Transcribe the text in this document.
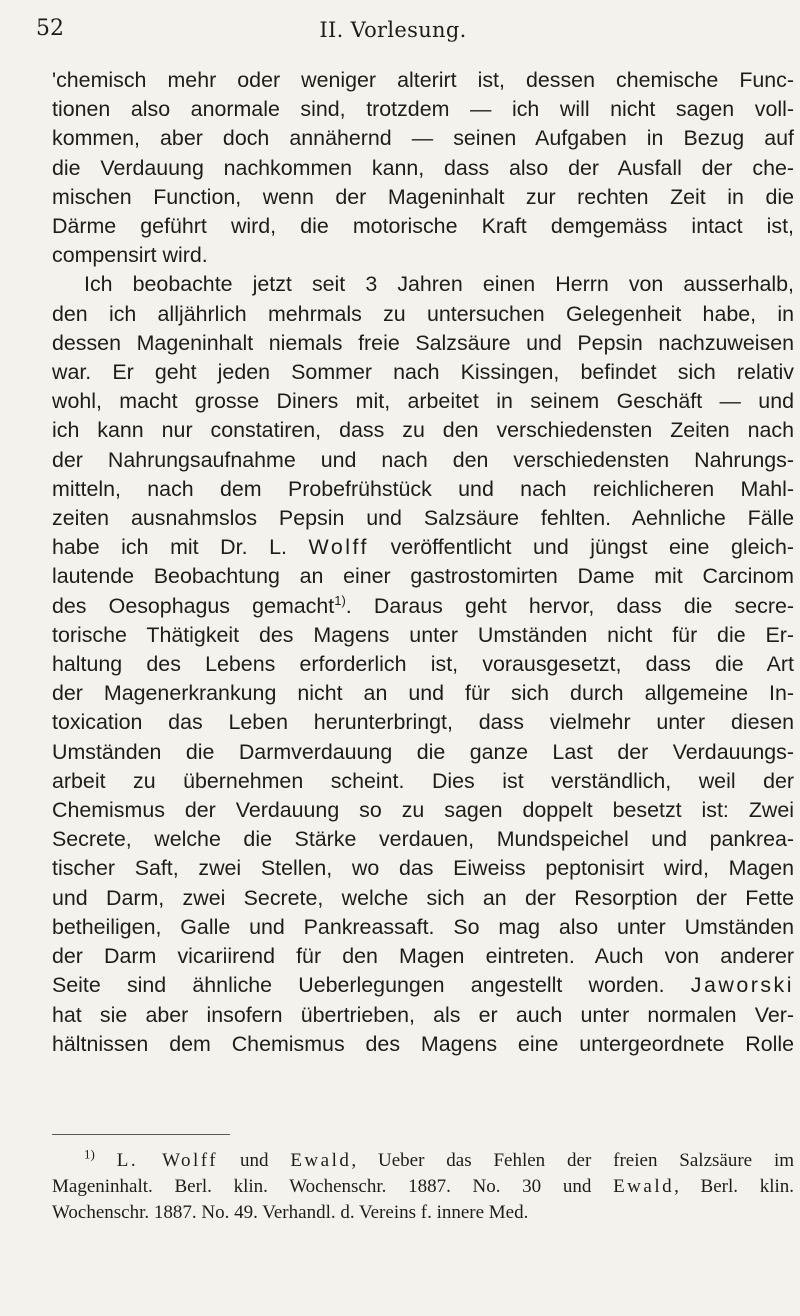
52	II. Vorlesung.
'chemisch mehr oder weniger alterirt ist, dessen chemische Func-
tionen also anormale sind, trotzdem — ich will nicht sagen voll-
kommen, aber doch annähernd — seinen Aufgaben in Bezug auf
die Verdauung nachkommen kann, dass also der Ausfall der che-
mischen Function, wenn der Mageninhalt zur rechten Zeit in die
Därme geführt wird, die motorische Kraft demgemäss intact ist,
compensirt wird.
Ich beobachte jetzt seit 3 Jahren einen Herrn von ausserhalb,
den ich alljährlich mehrmals zu untersuchen Gelegenheit habe, in
dessen Mageninhalt niemals freie Salzsäure und Pepsin nachzuweisen
war. Er geht jeden Sommer nach Kissingen, befindet sich relativ
wohl, macht grosse Diners mit, arbeitet in seinem Geschäft — und
ich kann nur constatiren, dass zu den verschiedensten Zeiten nach
der Nahrungsaufnahme und nach den verschiedensten Nahrungs-
mitteln, nach dem Probefrühstück und nach reichlicheren Mahl-
zeiten ausnahmslos Pepsin und Salzsäure fehlten. Aehnliche Fälle
habe ich mit Dr. L. Wolff veröffentlicht und jüngst eine gleich-
lautende Beobachtung an einer gastrostomirten Dame mit Carcinom
des Oesophagus gemacht$^{1)}$. Daraus geht hervor, dass die secre-
torische Thätigkeit des Magens unter Umständen nicht für die Er-
haltung des Lebens erforderlich ist, vorausgesetzt, dass die Art
der Magenerkrankung nicht an und für sich durch allgemeine In-
toxication das Leben herunterbringt, dass vielmehr unter diesen
Umständen die Darmverdauung die ganze Last der Verdauungs-
arbeit zu übernehmen scheint. Dies ist verständlich, weil der
Chemismus der Verdauung so zu sagen doppelt besetzt ist: Zwei
Secrete, welche die Stärke verdauen, Mundspeichel und pankrea-
tischer Saft, zwei Stellen, wo das Eiweiss peptonisirt wird, Magen
und Darm, zwei Secrete, welche sich an der Resorption der Fette
betheiligen, Galle und Pankreassaft. So mag also unter Umständen
der Darm vicariirend für den Magen eintreten. Auch von anderer
Seite sind ähnliche Ueberlegungen angestellt worden. Jaworski
hat sie aber insofern übertrieben, als er auch unter normalen Ver-
hältnissen dem Chemismus des Magens eine untergeordnete Rolle
$^{1)}$ L. Wolff und Ewald, Ueber das Fehlen der freien Salzsäure im
Mageninhalt. Berl. klin. Wochenschr. 1887. No. 30 und Ewald, Berl. klin.
Wochenschr. 1887. No. 49. Verhandl. d. Vereins f. innere Med.
